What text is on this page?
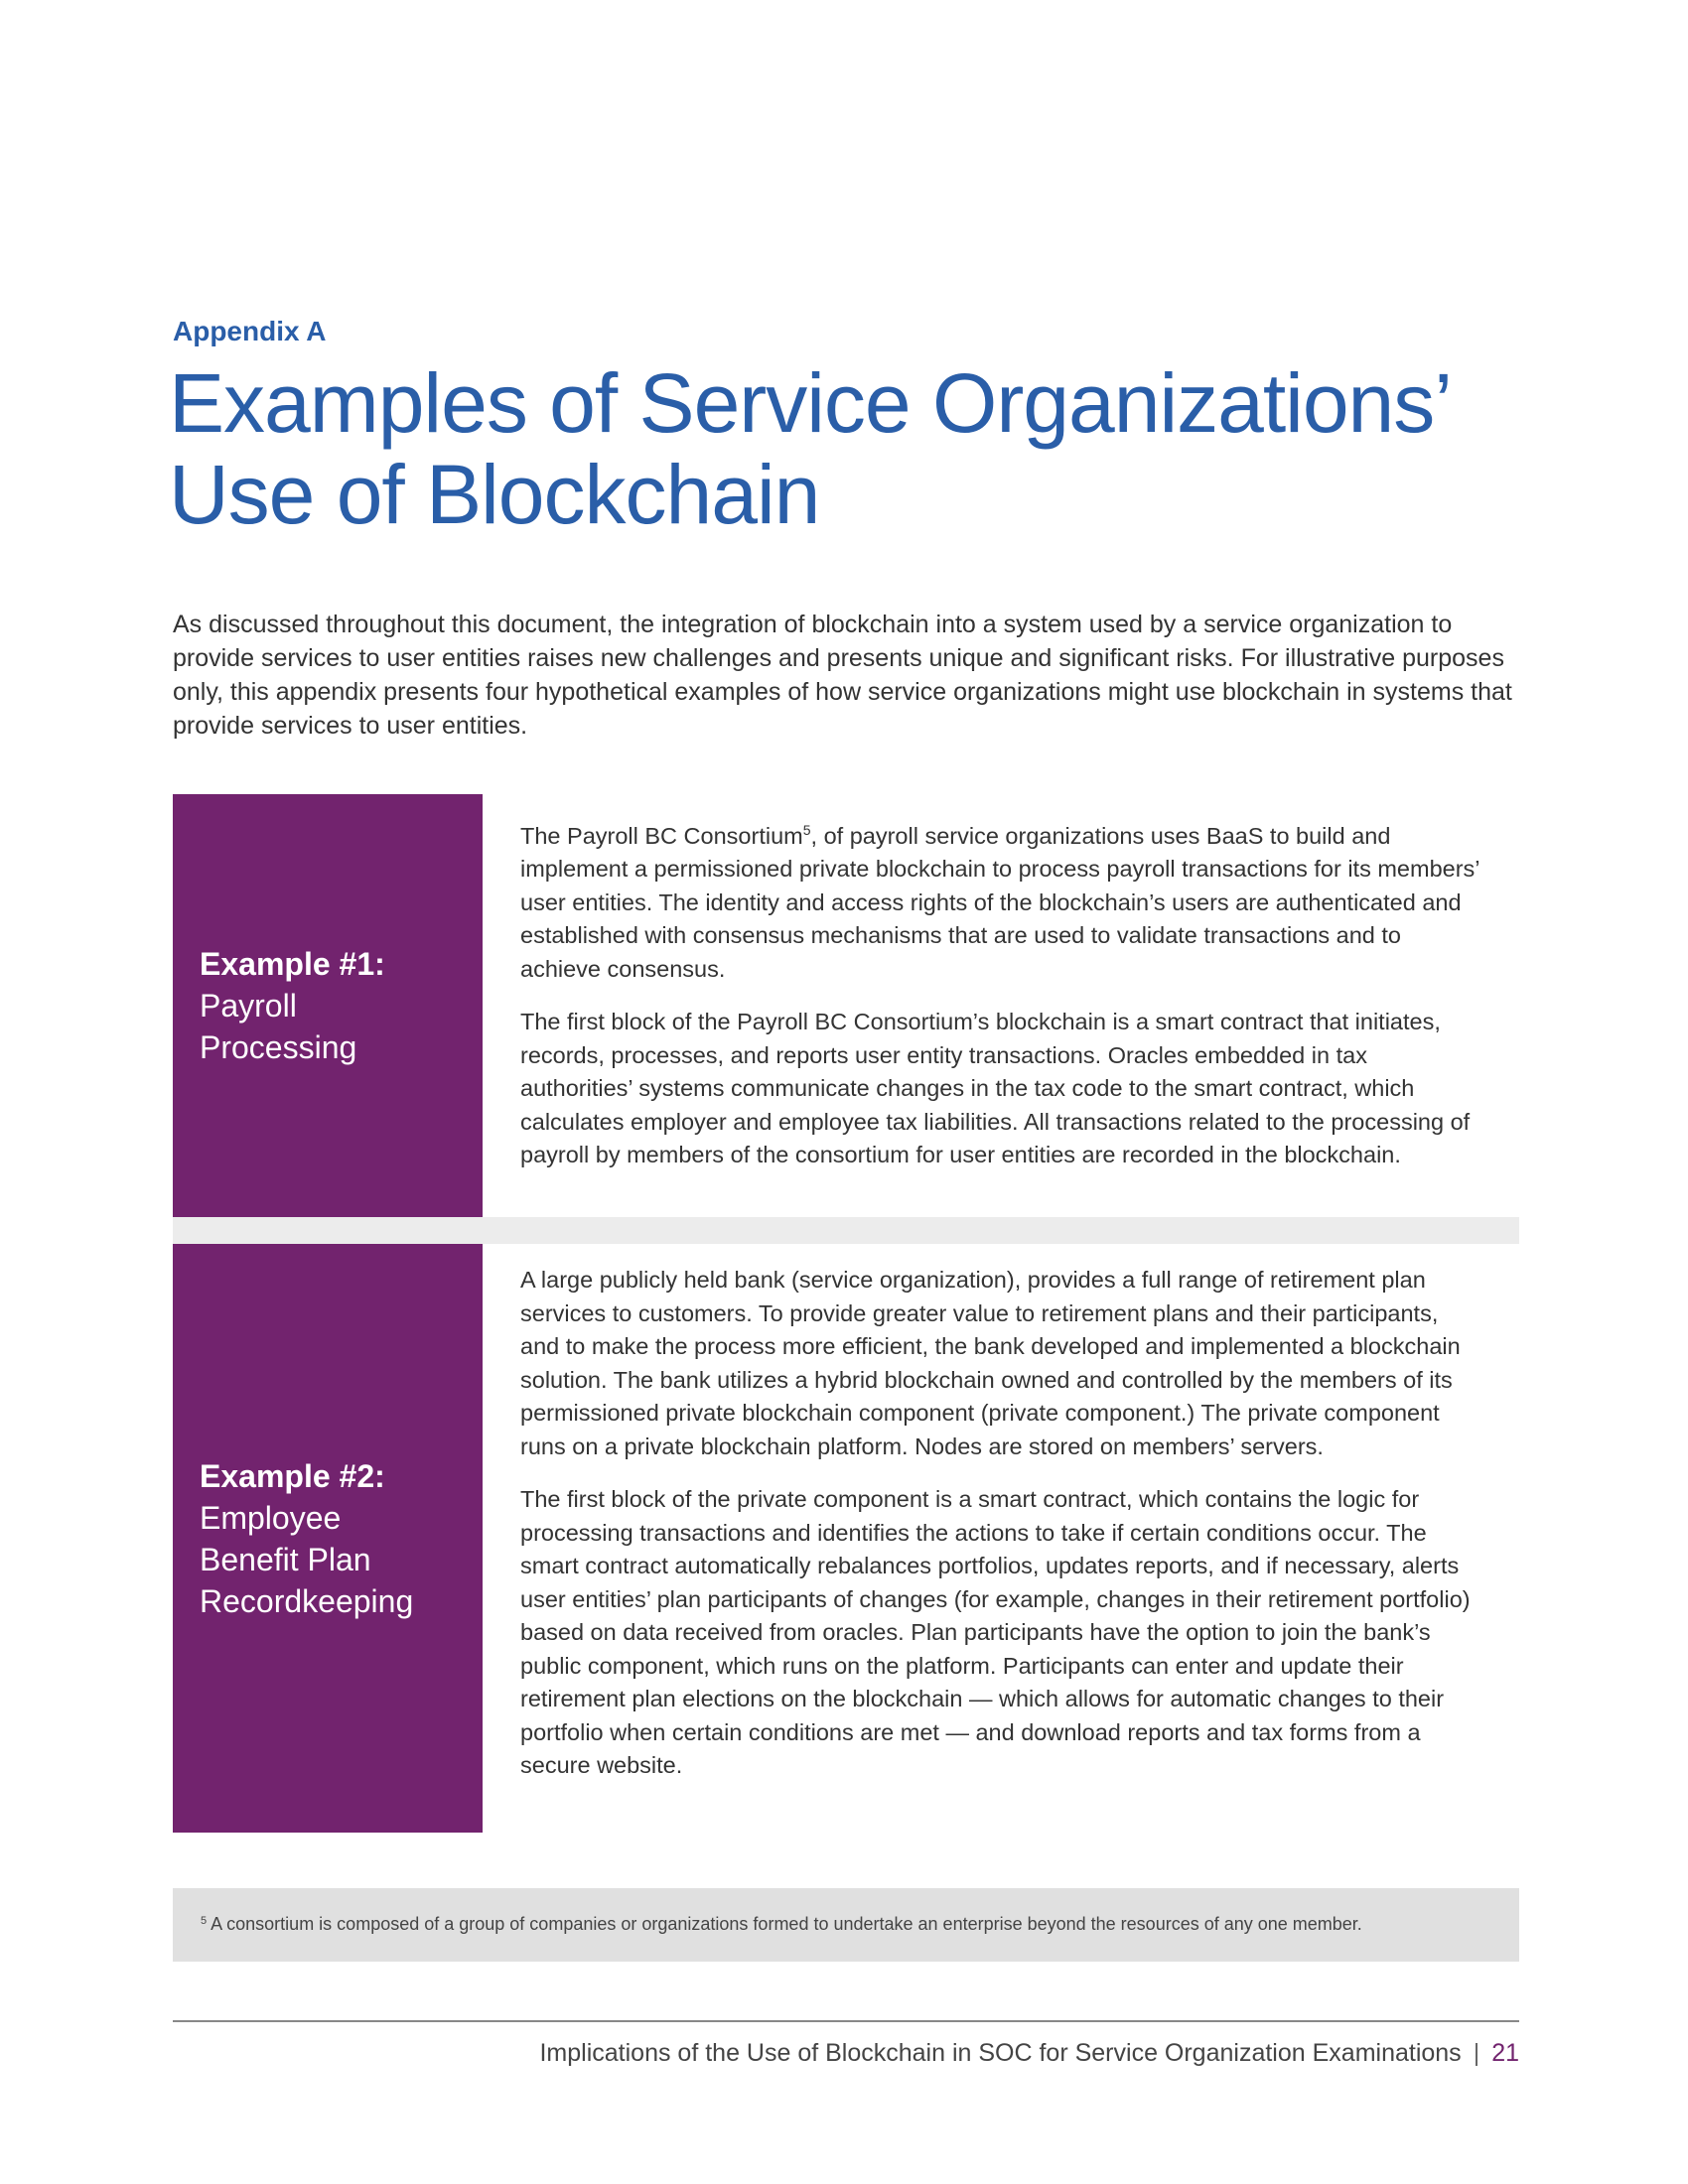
Appendix A
Examples of Service Organizations’
Use of Blockchain

As discussed throughout this document, the integration of blockchain into a system used by a service organization to provide services to user entities raises new challenges and presents unique and significant risks. For illustrative purposes only, this appendix presents four hypothetical examples of how service organizations might use blockchain in systems that provide services to user entities.

Example #1:
Payroll
Processing

The Payroll BC Consortium$^5$, of payroll service organizations uses BaaS to build and implement a permissioned private blockchain to process payroll transactions for its members’ user entities. The identity and access rights of the blockchain’s users are authenticated and established with consensus mechanisms that are used to validate transactions and to achieve consensus.

The first block of the Payroll BC Consortium’s blockchain is a smart contract that initiates, records, processes, and reports user entity transactions. Oracles embedded in tax authorities’ systems communicate changes in the tax code to the smart contract, which calculates employer and employee tax liabilities. All transactions related to the processing of payroll by members of the consortium for user entities are recorded in the blockchain.

Example #2:
Employee
Benefit Plan
Recordkeeping

A large publicly held bank (service organization), provides a full range of retirement plan services to customers. To provide greater value to retirement plans and their participants, and to make the process more efficient, the bank developed and implemented a blockchain solution. The bank utilizes a hybrid blockchain owned and controlled by the members of its permissioned private blockchain component (private component.) The private component runs on a private blockchain platform. Nodes are stored on members’ servers.

The first block of the private component is a smart contract, which contains the logic for processing transactions and identifies the actions to take if certain conditions occur. The smart contract automatically rebalances portfolios, updates reports, and if necessary, alerts user entities’ plan participants of changes (for example, changes in their retirement portfolio) based on data received from oracles. Plan participants have the option to join the bank’s public component, which runs on the platform. Participants can enter and update their retirement plan elections on the blockchain — which allows for automatic changes to their portfolio when certain conditions are met — and download reports and tax forms from a secure website.

$^5$ A consortium is composed of a group of companies or organizations formed to undertake an enterprise beyond the resources of any one member.
Implications of the Use of Blockchain in SOC for Service Organization Examinations | 21
